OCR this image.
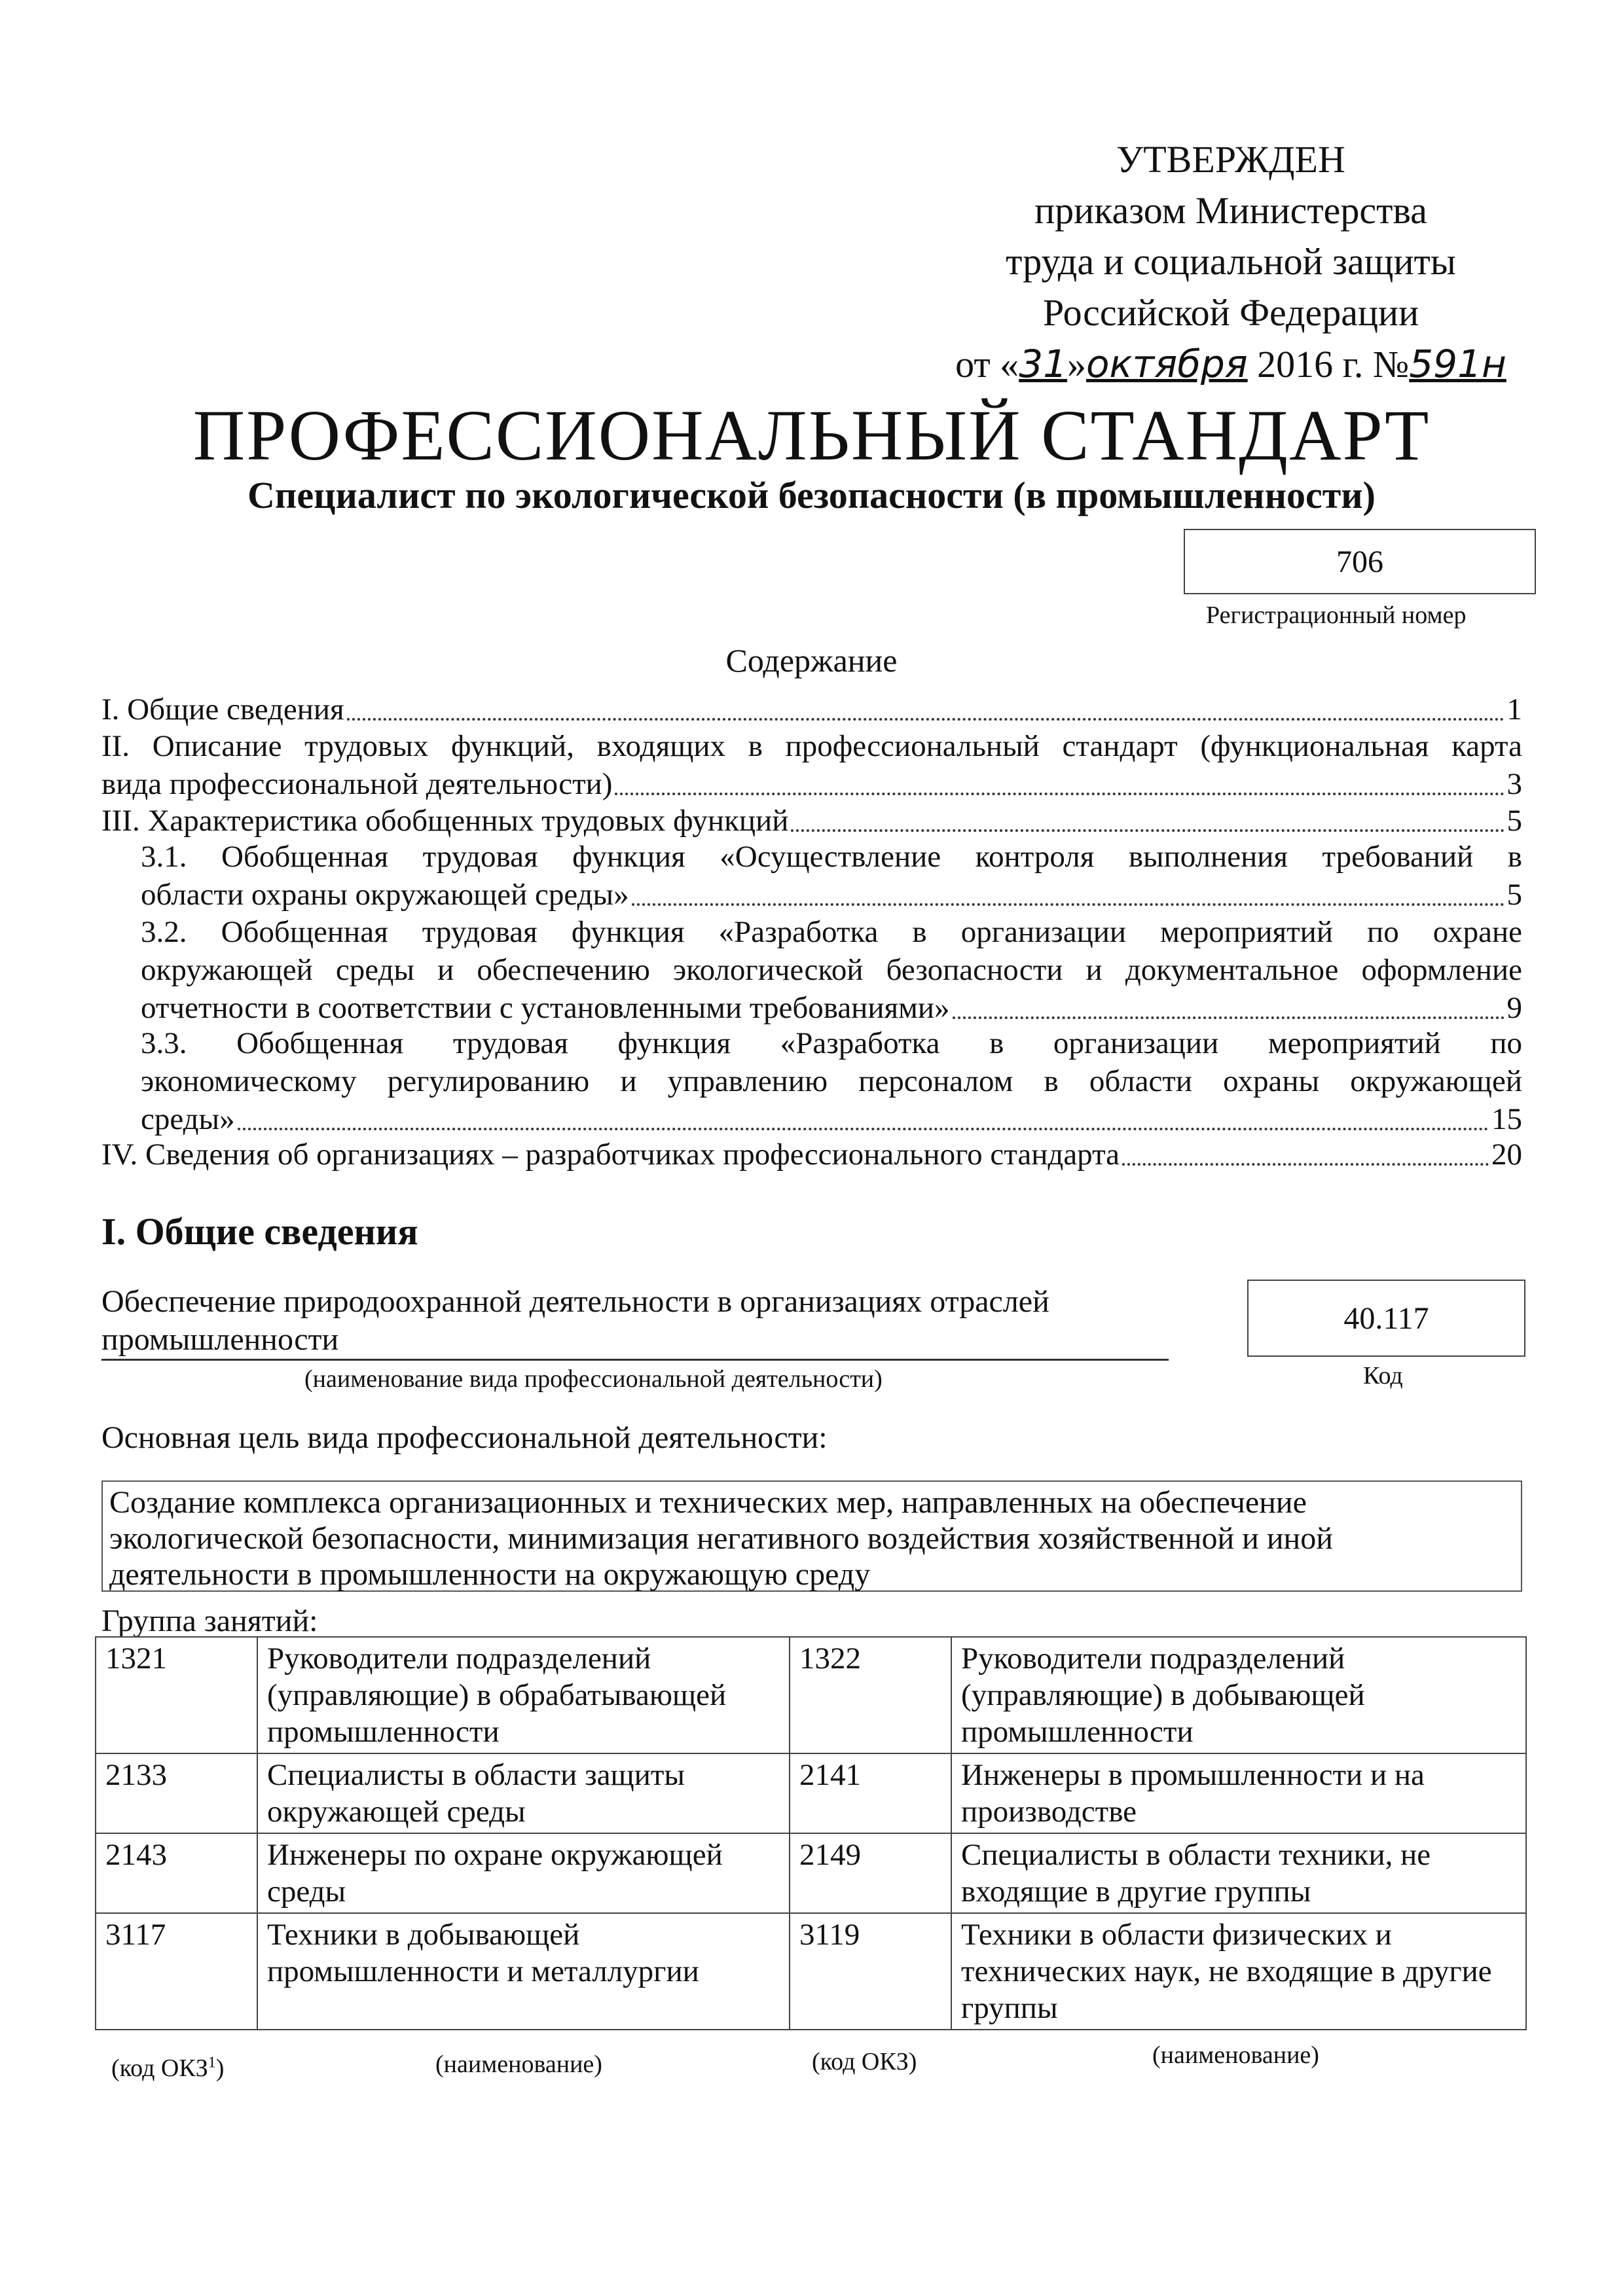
УТВЕРЖДЕН
приказом Министерства
труда и социальной защиты
Российской Федерации
от «31»октября 2016 г. №591н
ПРОФЕССИОНАЛЬНЫЙ СТАНДАРТ
Специалист по экологической безопасности (в промышленности)
706
Регистрационный номер
Содержание
I. Общие сведения	1
II. Описание трудовых функций, входящих в профессиональный стандарт (функциональная карта
вида профессиональной деятельности)	3
III. Характеристика обобщенных трудовых функций	5
3.1. Обобщенная трудовая функция «Осуществление контроля выполнения требований в
области охраны окружающей среды»	5
3.2. Обобщенная трудовая функция «Разработка в организации мероприятий по охране
окружающей среды и обеспечению экологической безопасности и документальное оформление
отчетности в соответствии с установленными требованиями»	9
3.3. Обобщенная трудовая функция «Разработка в организации мероприятий по
экономическому регулированию и управлению персоналом в области охраны окружающей
среды»	15
IV. Сведения об организациях – разработчиках профессионального стандарта	20
I. Общие сведения
Обеспечение природоохранной деятельности в организациях отраслей
промышленности
(наименование вида профессиональной деятельности)
40.117
Код
Основная цель вида профессиональной деятельности:
Создание комплекса организационных и технических мер, направленных на обеспечение
экологической безопасности, минимизация негативного воздействия хозяйственной и иной
деятельности в промышленности на окружающую среду
Группа занятий:
1321	Руководители подразделений (управляющие) в обрабатывающей промышленности	1322	Руководители подразделений (управляющие) в добывающей промышленности
2133	Специалисты в области защиты окружающей среды	2141	Инженеры в промышленности и на производстве
2143	Инженеры по охране окружающей среды	2149	Специалисты в области техники, не входящие в другие группы
3117	Техники в добывающей промышленности и металлургии	3119	Техники в области физических и технических наук, не входящие в другие группы
(код ОКЗ$^1$)	(наименование)	(код ОКЗ)	(наименование)
